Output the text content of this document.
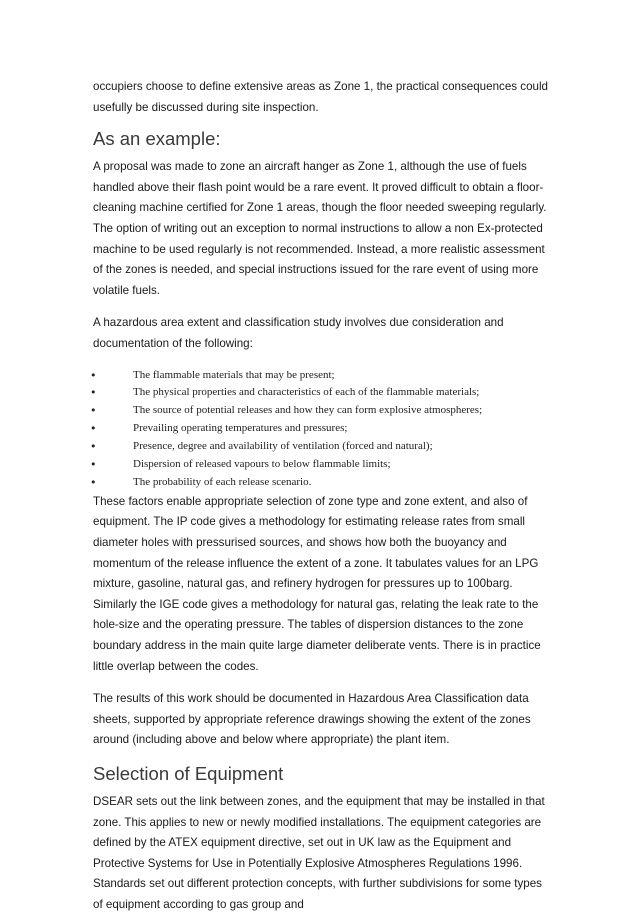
occupiers choose to define extensive areas as Zone 1, the practical consequences could usefully be discussed during site inspection.

As an example:

A proposal was made to zone an aircraft hanger as Zone 1, although the use of fuels handled above their flash point would be a rare event. It proved difficult to obtain a floor-cleaning machine certified for Zone 1 areas, though the floor needed sweeping regularly. The option of writing out an exception to normal instructions to allow a non Ex-protected machine to be used regularly is not recommended. Instead, a more realistic assessment of the zones is needed, and special instructions issued for the rare event of using more volatile fuels.

A hazardous area extent and classification study involves due consideration and documentation of the following:

•	The flammable materials that may be present;
•	The physical properties and characteristics of each of the flammable materials;
•	The source of potential releases and how they can form explosive atmospheres;
•	Prevailing operating temperatures and pressures;
•	Presence, degree and availability of ventilation (forced and natural);
•	Dispersion of released vapours to below flammable limits;
•	The probability of each release scenario.

These factors enable appropriate selection of zone type and zone extent, and also of equipment. The IP code gives a methodology for estimating release rates from small diameter holes with pressurised sources, and shows how both the buoyancy and momentum of the release influence the extent of a zone. It tabulates values for an LPG mixture, gasoline, natural gas, and refinery hydrogen for pressures up to 100barg. Similarly the IGE code gives a methodology for natural gas, relating the leak rate to the hole-size and the operating pressure. The tables of dispersion distances to the zone boundary address in the main quite large diameter deliberate vents. There is in practice little overlap between the codes.

The results of this work should be documented in Hazardous Area Classification data sheets, supported by appropriate reference drawings showing the extent of the zones around (including above and below where appropriate) the plant item.

Selection of Equipment

DSEAR sets out the link between zones, and the equipment that may be installed in that zone. This applies to new or newly modified installations. The equipment categories are defined by the ATEX equipment directive, set out in UK law as the Equipment and Protective Systems for Use in Potentially Explosive Atmospheres Regulations 1996. Standards set out different protection concepts, with further subdivisions for some types of equipment according to gas group and
